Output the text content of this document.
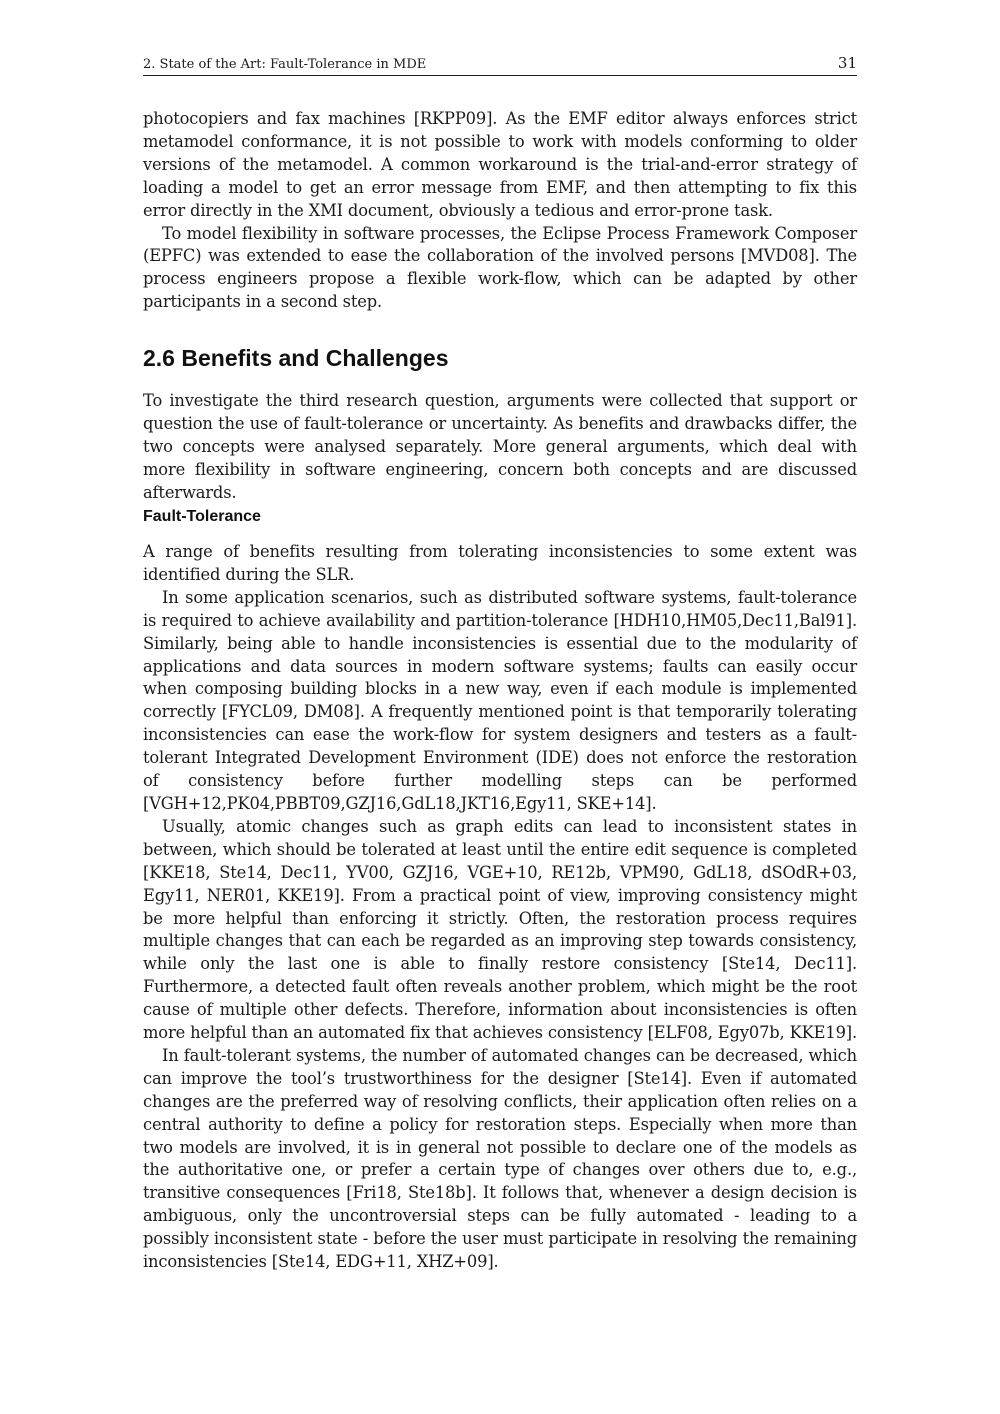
2. State of the Art: Fault-Tolerance in MDE	31

photocopiers and fax machines [RKPP09]. As the EMF editor always enforces strict metamodel conformance, it is not possible to work with models conforming to older versions of the metamodel. A common workaround is the trial-and-error strategy of loading a model to get an error message from EMF, and then attempting to fix this error directly in the XMI document, obviously a tedious and error-prone task.

To model flexibility in software processes, the Eclipse Process Framework Composer (EPFC) was extended to ease the collaboration of the involved persons [MVD08]. The process engineers propose a flexible work-flow, which can be adapted by other participants in a second step.

2.6 Benefits and Challenges

To investigate the third research question, arguments were collected that support or question the use of fault-tolerance or uncertainty. As benefits and drawbacks differ, the two concepts were analysed separately. More general arguments, which deal with more flexibility in software engineering, concern both concepts and are discussed afterwards.

Fault-Tolerance

A range of benefits resulting from tolerating inconsistencies to some extent was identified during the SLR.

In some application scenarios, such as distributed software systems, fault-tolerance is required to achieve availability and partition-tolerance [HDH10,HM05,Dec11,Bal91]. Similarly, being able to handle inconsistencies is essential due to the modularity of applications and data sources in modern software systems; faults can easily occur when composing building blocks in a new way, even if each module is implemented correctly [FYCL09, DM08]. A frequently mentioned point is that temporarily tolerating inconsistencies can ease the work-flow for system designers and testers as a fault-tolerant Integrated Development Environment (IDE) does not enforce the restoration of consistency before further modelling steps can be performed [VGH+12,PK04,PBBT09,GZJ16,GdL18,JKT16,Egy11, SKE+14].

Usually, atomic changes such as graph edits can lead to inconsistent states in between, which should be tolerated at least until the entire edit sequence is completed [KKE18, Ste14, Dec11, YV00, GZJ16, VGE+10, RE12b, VPM90, GdL18, dSOdR+03, Egy11, NER01, KKE19]. From a practical point of view, improving consistency might be more helpful than enforcing it strictly. Often, the restoration process requires multiple changes that can each be regarded as an improving step towards consistency, while only the last one is able to finally restore consistency [Ste14, Dec11]. Furthermore, a detected fault often reveals another problem, which might be the root cause of multiple other defects. Therefore, information about inconsistencies is often more helpful than an automated fix that achieves consistency [ELF08, Egy07b, KKE19].

In fault-tolerant systems, the number of automated changes can be decreased, which can improve the tool’s trustworthiness for the designer [Ste14]. Even if automated changes are the preferred way of resolving conflicts, their application often relies on a central authority to define a policy for restoration steps. Especially when more than two models are involved, it is in general not possible to declare one of the models as the authoritative one, or prefer a certain type of changes over others due to, e.g., transitive consequences [Fri18, Ste18b]. It follows that, whenever a design decision is ambiguous, only the uncontroversial steps can be fully automated - leading to a possibly inconsistent state - before the user must participate in resolving the remaining inconsistencies [Ste14, EDG+11, XHZ+09].
